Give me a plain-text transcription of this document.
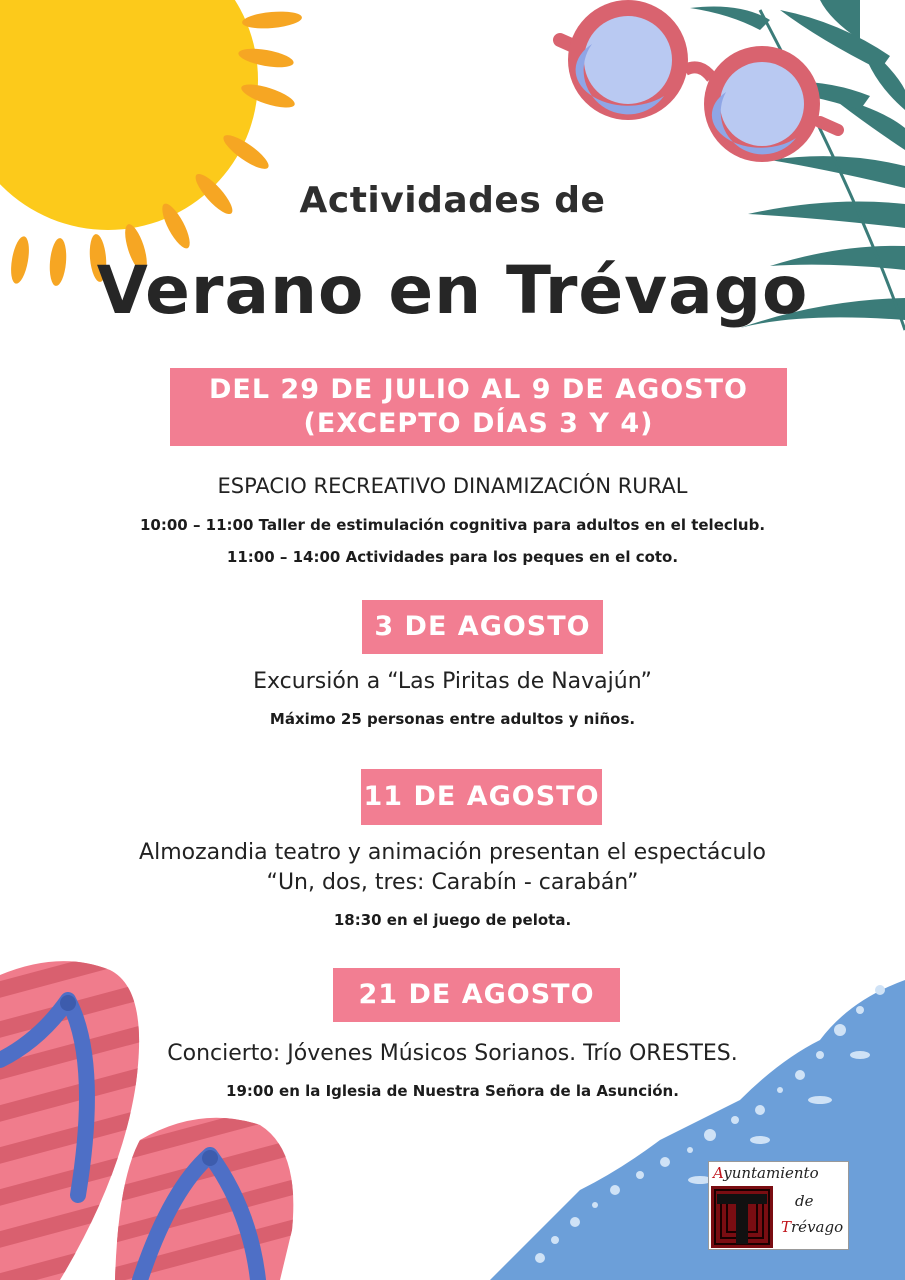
Actividades de
Verano en Trévago
DEL 29 DE JULIO AL 9 DE AGOSTO
(EXCEPTO DÍAS 3 Y 4)
ESPACIO RECREATIVO DINAMIZACIÓN RURAL
10:00 – 11:00 Taller de estimulación cognitiva para adultos en el teleclub.
11:00 – 14:00 Actividades para los peques en el coto.
3 DE AGOSTO
Excursión a “Las Piritas de Navajún”
Máximo 25 personas entre adultos y niños.
11 DE AGOSTO
Almozandia teatro y animación presentan el espectáculo
“Un, dos, tres: Carabín - carabán”
18:30 en el juego de pelota.
21 DE AGOSTO
Concierto: Jóvenes Músicos Sorianos. Trío ORESTES.
19:00 en la Iglesia de Nuestra Señora de la Asunción.
Ayuntamiento
de
Trévago
